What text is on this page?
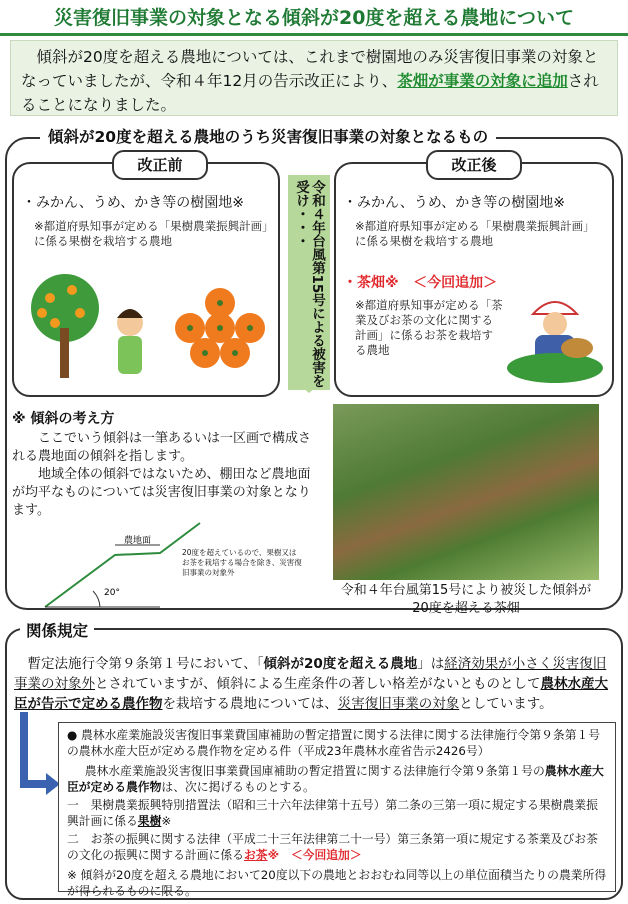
災害復旧事業の対象となる傾斜が20度を超える農地について
傾斜が20度を超える農地については、これまで樹園地のみ災害復旧事業の対象となっていましたが、令和４年12月の告示改正により、茶畑が事業の対象に追加されることになりました。
傾斜が20度を超える農地のうち災害復旧事業の対象となるもの
改正前
・みかん、うめ、かき等の樹園地※
※都道府県知事が定める「果樹農業振興計画」に係る果樹を栽培する農地	令和４年台風第15号による被害を受け・・・
改正後
・みかん、うめ、かき等の樹園地※
※都道府県知事が定める「果樹農業振興計画」に係る果樹を栽培する農地
・茶畑※ ＜今回追加＞
※都道府県知事が定める「茶業及びお茶の文化に関する計画」に係るお茶を栽培する農地
※ 傾斜の考え方
ここでいう傾斜は一筆あるいは一区画で構成される農地面の傾斜を指します。
地域全体の傾斜ではないため、棚田など農地面が均平なものについては災害復旧事業の対象となります。
農地面
20°
20度を超えているので、果樹又はお茶を栽培する場合を除き、災害復旧事業の対象外
令和４年台風第15号により被災した傾斜が20度を超える茶畑
関係規定
暫定法施行令第９条第１号において、「傾斜が20度を超える農地」は経済効果が小さく災害復旧事業の対象外とされていますが、傾斜による生産条件の著しい格差がないとものとして農林水産大臣が告示で定める農作物を栽培する農地については、災害復旧事業の対象としています。
● 農林水産業施設災害復旧事業費国庫補助の暫定措置に関する法律に関する法律施行令第９条第１号の農林水産大臣が定める農作物を定める件（平成23年農林水産省告示2426号）
農林水産業施設災害復旧事業費国庫補助の暫定措置に関する法律施行令第９条第１号の農林水産大臣が定める農作物は、次に掲げるものとする。
一　果樹農業振興特別措置法（昭和三十六年法律第十五号）第二条の三第一項に規定する果樹農業振興計画に係る果樹※
二　お茶の振興に関する法律（平成二十三年法律第二十一号）第三条第一項に規定する茶業及びお茶の文化の振興に関する計画に係るお茶※　＜今回追加＞
※ 傾斜が20度を超える農地において20度以下の農地とおおむね同等以上の単位面積当たりの農業所得が得られるものに限る。
